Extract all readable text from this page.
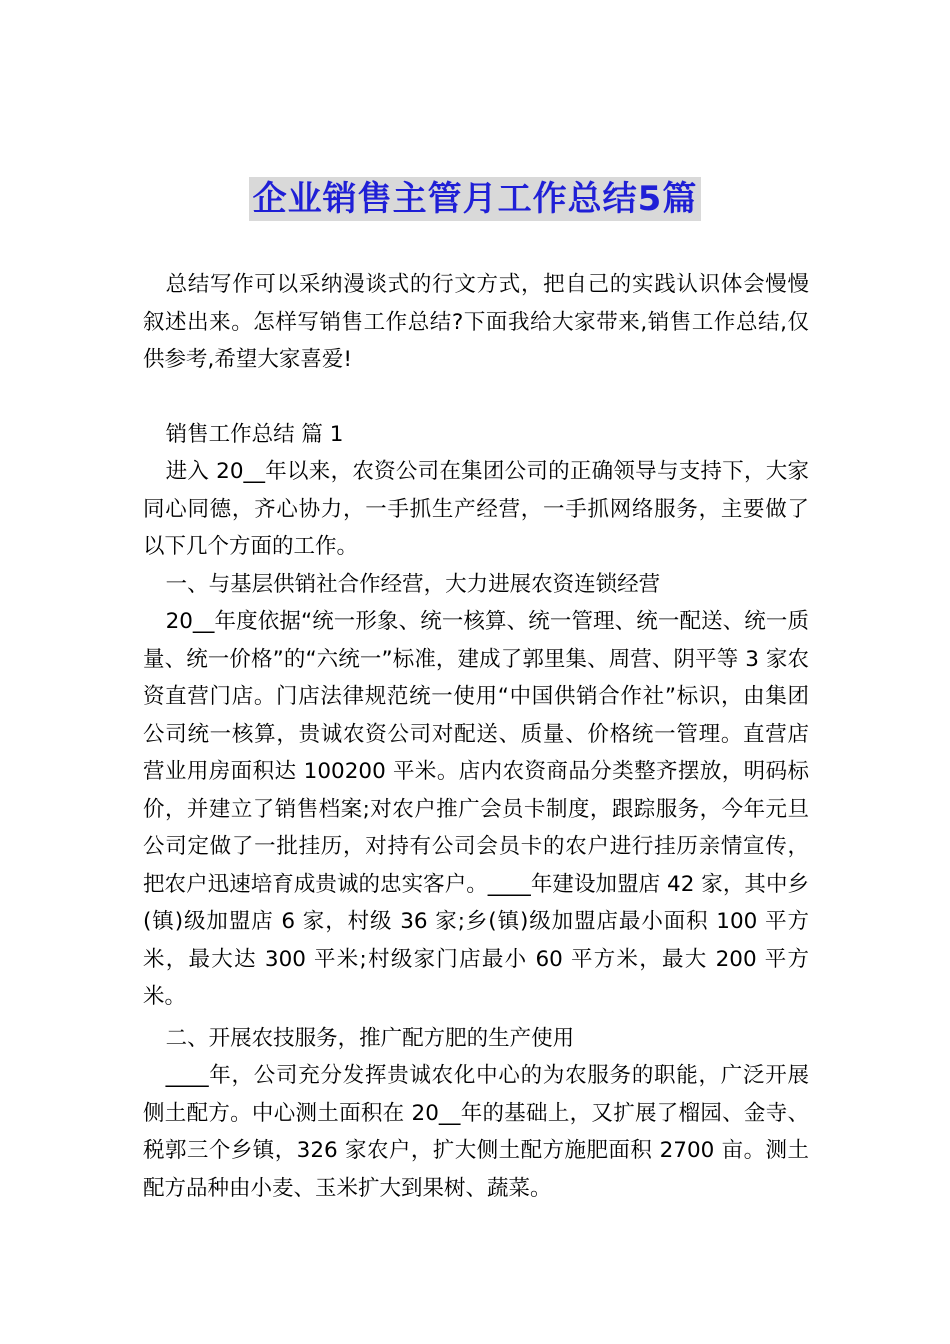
企业销售主管月工作总结5篇

总结写作可以采纳漫谈式的行文方式，把自己的实践认识体会慢慢叙述出来。怎样写销售工作总结?下面我给大家带来,销售工作总结,仅供参考,希望大家喜爱!

销售工作总结 篇 1

进入 20__年以来，农资公司在集团公司的正确领导与支持下，大家同心同德，齐心协力，一手抓生产经营，一手抓网络服务，主要做了以下几个方面的工作。

一、与基层供销社合作经营，大力进展农资连锁经营

20__年度依据“统一形象、统一核算、统一管理、统一配送、统一质量、统一价格”的“六统一”标准，建成了郭里集、周营、阴平等 3 家农资直营门店。门店法律规范统一使用“中国供销合作社”标识，由集团公司统一核算，贵诚农资公司对配送、质量、价格统一管理。直营店营业用房面积达 100200 平米。店内农资商品分类整齐摆放，明码标价，并建立了销售档案;对农户推广会员卡制度，跟踪服务，今年元旦公司定做了一批挂历，对持有公司会员卡的农户进行挂历亲情宣传，把农户迅速培育成贵诚的忠实客户。____年建设加盟店 42 家，其中乡(镇)级加盟店 6 家，村级 36 家;乡(镇)级加盟店最小面积 100 平方米，最大达 300 平米;村级家门店最小 60 平方米，最大 200 平方米。

二、开展农技服务，推广配方肥的生产使用

____年，公司充分发挥贵诚农化中心的为农服务的职能，广泛开展侧土配方。中心测土面积在 20__年的基础上，又扩展了榴园、金寺、税郭三个乡镇，326 家农户，扩大侧土配方施肥面积 2700 亩。测土配方品种由小麦、玉米扩大到果树、蔬菜。
